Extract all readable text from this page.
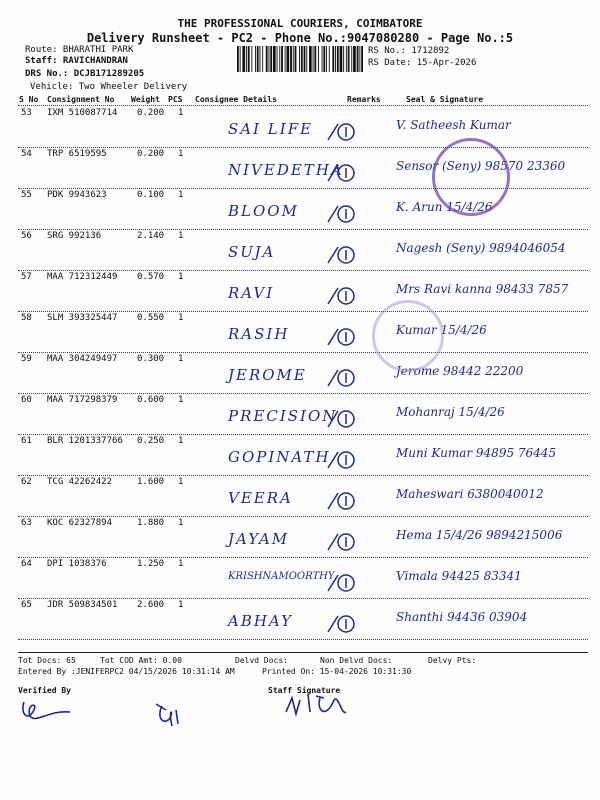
THE PROFESSIONAL COURIERS, COIMBATORE
Delivery Runsheet - PC2 - Phone No.:9047080280 - Page No.:5
Route: BHARATHI PARK
Staff: RAVICHANDRAN
DRS No.: DCJB171289205
Vehicle: Two Wheeler Delivery
RS No.: 1712892
RS Date: 15-Apr-2026
S No Consignment No Weight PCS Consignee Details	Remarks	Seal & Signature
53 IXM 510087714 0.200 1
SAI LIFE	V. Satheesh Kumar
54 TRP 6519595	0.200 1
NIVEDETHA	Sensor (Seny) 98570 23360
55 PDK 9943623	0.100 1
BLOOM	K. Arun 15/4/26
56 SRG 992136	2.140 1
SUJA	Nagesh (Seny) 9894046054
57 MAA 712312449 0.570 1
RAVI	Mrs Ravi kanna 98433 7857
58 SLM 393325447 0.550 1
RASIH	Kumar 15/4/26
59 MAA 304249497 0.300 1
JEROME	Jerome 98442 22200
60 MAA 717298379 0.600 1
PRECISION	Mohanraj 15/4/26
61 BLR 1201337766 0.250 1
GOPINATH	Muni Kumar 94895 76445
62 TCG 42262422	1.600 1
VEERA	Maheswari 6380040012
63 KOC 62327894	1.880 1
JAYAM	Hema 15/4/26 9894215006
64 DPI 1038376	1.250 1
KRISHNAMOORTHY	Vimala 94425 83341
65 JDR 509834501 2.600 1
ABHAY	Shanthi 94436 03904
Tot Docs: 65	Tot COD Amt: 0.00	Delvd Docs:	Non Delvd Docs:	Delvy Pts:
Entered By :JENIFERPC2 04/15/2026 10:31:14 AM	Printed On: 15-04-2026 10:31:30
Verified By	Staff Signature
